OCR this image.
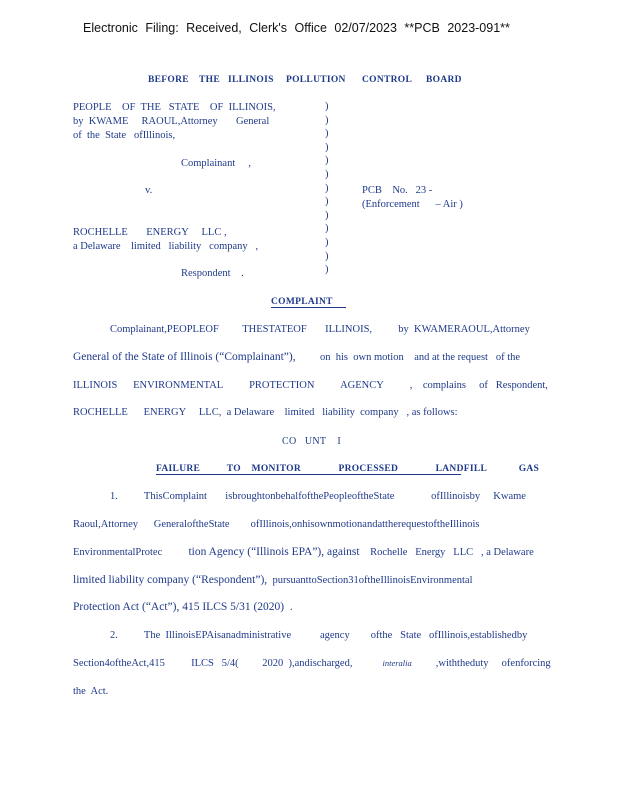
Electronic Filing: Received, Clerk's Office 02/07/2023 **PCB 2023-091**
BEFORE THE ILLINOIS POLLUTION CONTROL BOARD
PEOPLE    OF  THE   STATE    OF  ILLINOIS,
by  KWAME     RAOUL,Attorney       General
of  the  State   ofIllinois,
Complainant     ,
v.	PCB    No.   23 -
(Enforcement      – Air )
ROCHELLE       ENERGY     LLC ,
a Delaware    limited   liability   company   ,
Respondent    .
)
)
)
)
)
)
)
)
)
)
)
)
)
COMPLAINT
Complainant,PEOPLEOF         THESTATEOF       ILLINOIS,          by  KWAMERAOUL,Attorney
General of the State of Illinois (“Complainant”), on  his  own motion    and at the request   of the
ILLINOIS      ENVIRONMENTAL          PROTECTION          AGENCY          ,    complains     of   Respondent,
ROCHELLE      ENERGY     LLC,  a Delaware    limited   liability  company   , as follows:
CO   UNT    I
FAILURE          TO    MONITOR              PROCESSED              LANDFILL            GAS
1.          ThisComplaint       isbroughtonbehalfofthePeopleoftheState              ofIllinoisby     Kwame
Raoul,Attorney      GeneraloftheState        ofIllinois,onhisownmotionandattherequestoftheIllinois
EnvironmentalProtec          tion Agency (“Illinois EPA”), against    Rochelle   Energy   LLC   , a Delaware
limited liability company (“Respondent”),  pursuanttoSection31oftheIllinoisEnvironmental
Protection Act (“Act”), 415 ILCS 5/31 (2020)  .
2.          The  IllinoisEPAisanadministrative           agency        ofthe   State   ofIllinois,establishedby
Section4oftheAct,415          ILCS   5/4(         2020  ),andischarged,	interalia ,withtheduty     ofenforcing
the  Act.
